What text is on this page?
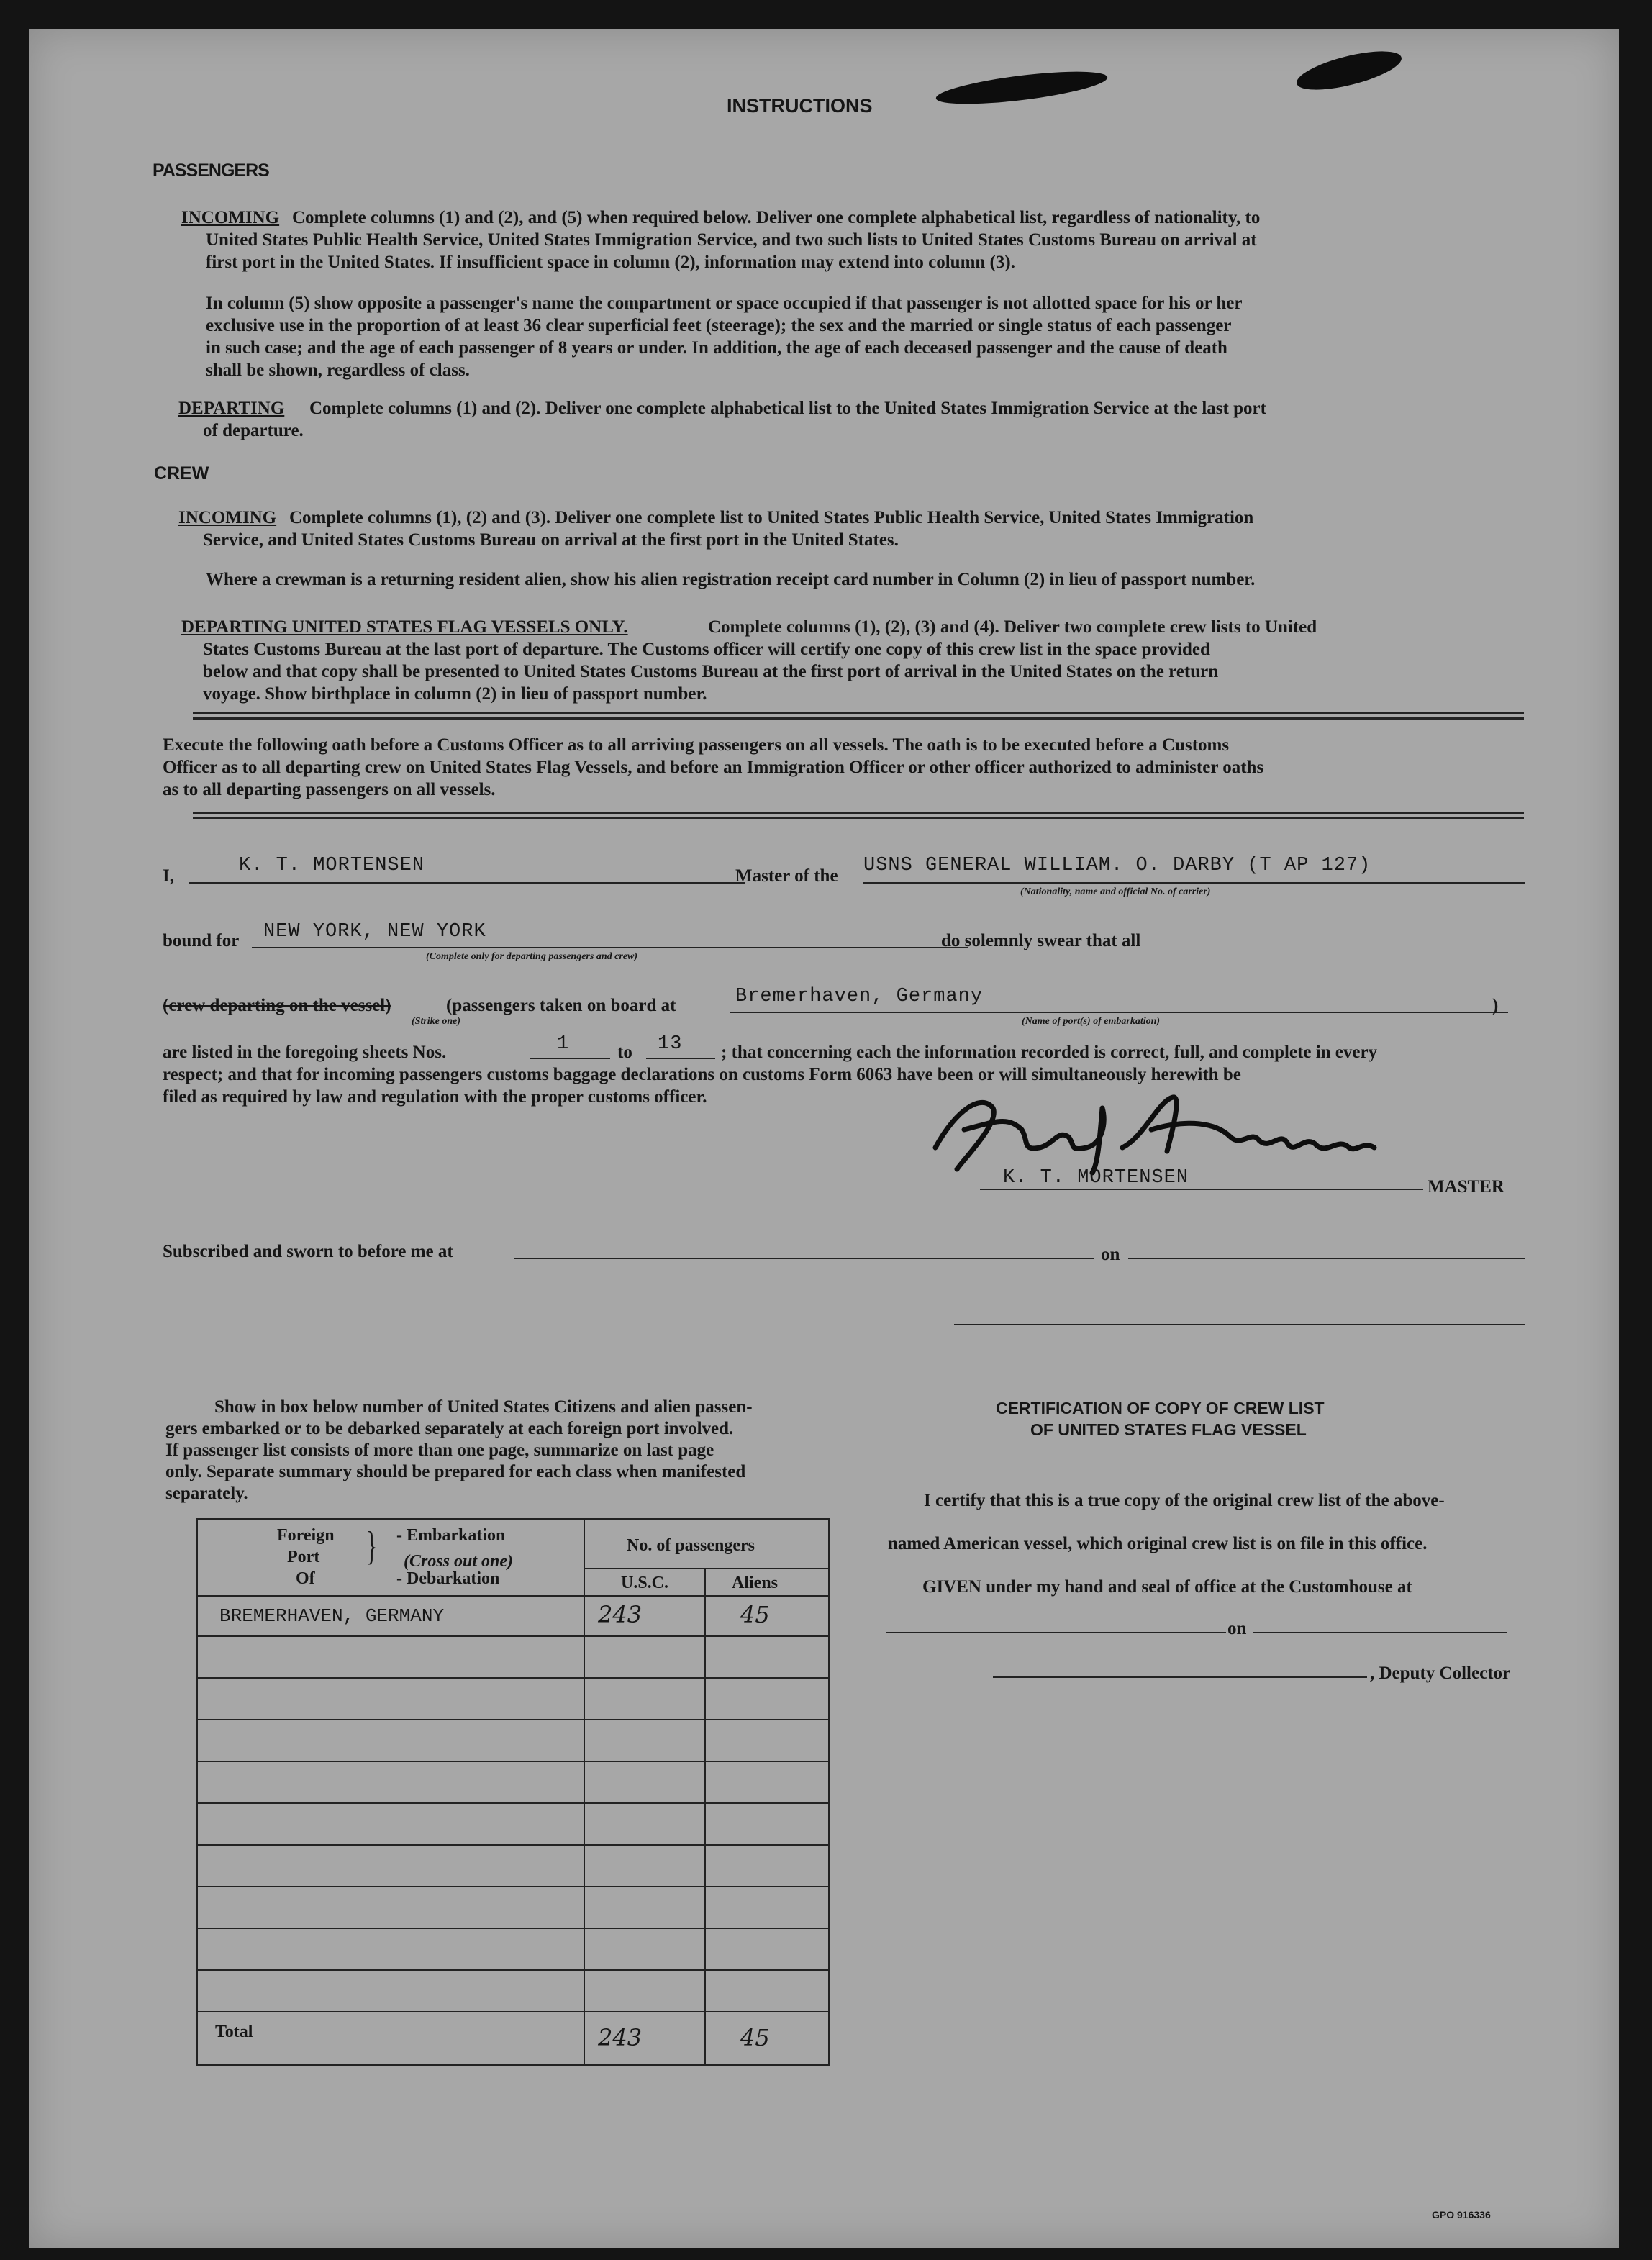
INSTRUCTIONS
PASSENGERS
INCOMING Complete columns (1) and (2), and (5) when required below. Deliver one complete alphabetical list, regardless of nationality, to
United States Public Health Service, United States Immigration Service, and two such lists to United States Customs Bureau on arrival at
first port in the United States. If insufficient space in column (2), information may extend into column (3).
In column (5) show opposite a passenger's name the compartment or space occupied if that passenger is not allotted space for his or her
exclusive use in the proportion of at least 36 clear superficial feet (steerage); the sex and the married or single status of each passenger
in such case; and the age of each passenger of 8 years or under. In addition, the age of each deceased passenger and the cause of death
shall be shown, regardless of class.
DEPARTING Complete columns (1) and (2). Deliver one complete alphabetical list to the United States Immigration Service at the last port
of departure.
CREW
INCOMING Complete columns (1), (2) and (3). Deliver one complete list to United States Public Health Service, United States Immigration
Service, and United States Customs Bureau on arrival at the first port in the United States.
Where a crewman is a returning resident alien, show his alien registration receipt card number in Column (2) in lieu of passport number.
DEPARTING UNITED STATES FLAG VESSELS ONLY.	Complete columns (1), (2), (3) and (4). Deliver two complete crew lists to United
States Customs Bureau at the last port of departure. The Customs officer will certify one copy of this crew list in the space provided
below and that copy shall be presented to United States Customs Bureau at the first port of arrival in the United States on the return
voyage. Show birthplace in column (2) in lieu of passport number.
Execute the following oath before a Customs Officer as to all arriving passengers on all vessels. The oath is to be executed before a Customs
Officer as to all departing crew on United States Flag Vessels, and before an Immigration Officer or other officer authorized to administer oaths
as to all departing passengers on all vessels.
I,	K. T. MORTENSEN	Master of the USNS GENERAL WILLIAM. O. DARBY (T AP 127)
(Nationality, name and official No. of carrier)
bound for NEW YORK, NEW YORK
(Complete only for departing passengers and crew)
do solemnly swear that all
(crew departing on the vessel)	(passengers taken on board at	Bremerhaven, Germany	)
(Strike one)	(Name of port(s) of embarkation)
are listed in the foregoing sheets Nos.	1	to 13 ; that concerning each the information recorded is correct, full, and complete in every
respect; and that for incoming passengers customs baggage declarations on customs Form 6063 have been or will simultaneously herewith be
filed as required by law and regulation with the proper customs officer.
K. T. MORTENSEN	MASTER
Subscribed and sworn to before me at	on
Show in box below number of United States Citizens and alien passen-
gers embarked or to be debarked separately at each foreign port involved.
If passenger list consists of more than one page, summarize on last page
only. Separate summary should be prepared for each class when manifested
separately.
Foreign
Port
Of
} - Embarkation
(Cross out one)
- Debarkation
No. of passengers
U.S.C.	Aliens
BREMERHAVEN, GERMANY	243	45
Total	243	45
CERTIFICATION OF COPY OF CREW LIST
OF UNITED STATES FLAG VESSEL
I certify that this is a true copy of the original crew list of the above-
named American vessel, which original crew list is on file in this office.
GIVEN under my hand and seal of office at the Customhouse at
on
, Deputy Collector
GPO 916336
